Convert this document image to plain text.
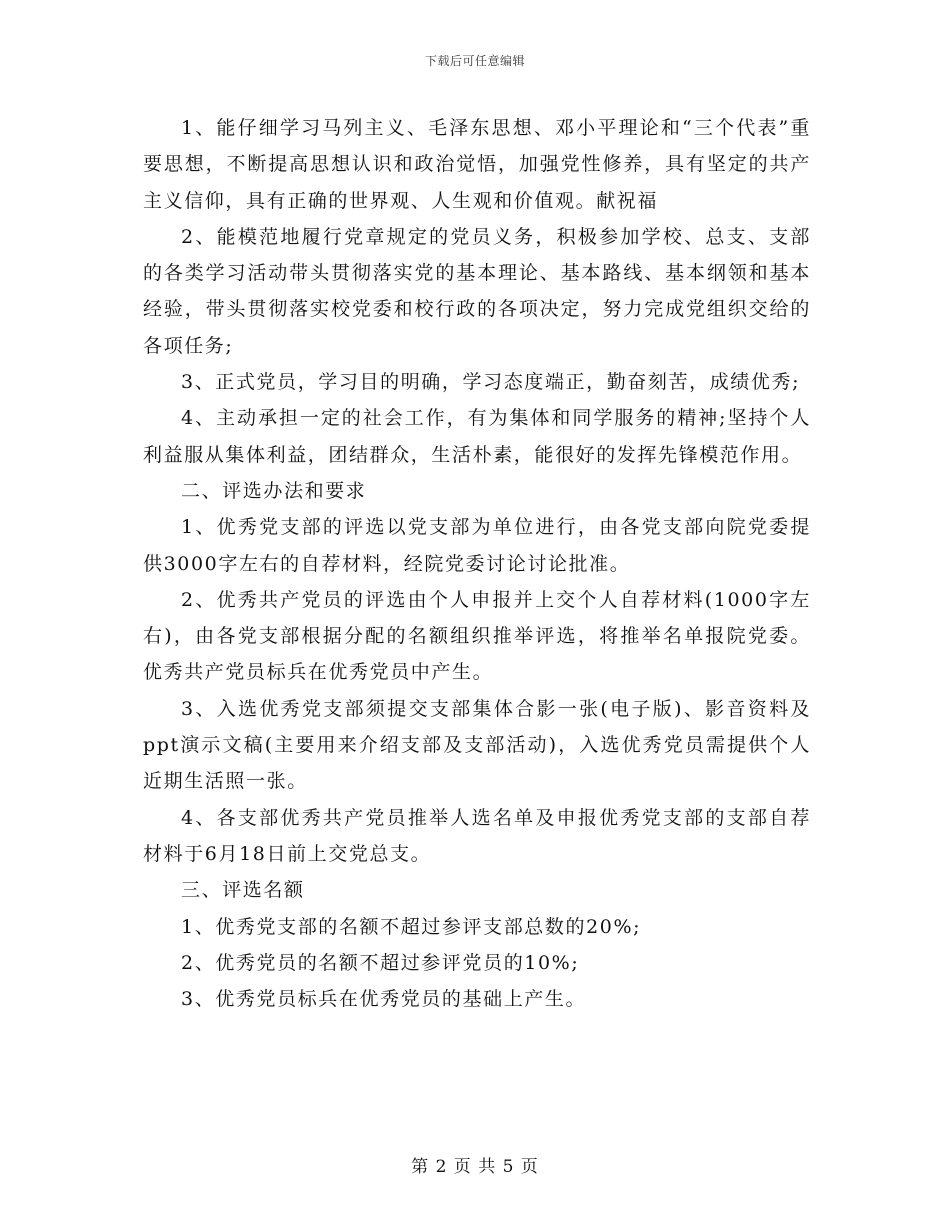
下载后可任意编辑

1、能仔细学习马列主义、毛泽东思想、邓小平理论和“三个代表”重要思想，不断提高思想认识和政治觉悟，加强党性修养，具有坚定的共产主义信仰，具有正确的世界观、人生观和价值观。献祝福

2、能模范地履行党章规定的党员义务，积极参加学校、总支、支部的各类学习活动带头贯彻落实党的基本理论、基本路线、基本纲领和基本经验，带头贯彻落实校党委和校行政的各项决定，努力完成党组织交给的各项任务;

3、正式党员，学习目的明确，学习态度端正，勤奋刻苦，成绩优秀;

4、主动承担一定的社会工作，有为集体和同学服务的精神;坚持个人利益服从集体利益，团结群众，生活朴素，能很好的发挥先锋模范作用。

二、评选办法和要求

1、优秀党支部的评选以党支部为单位进行，由各党支部向院党委提供3000字左右的自荐材料，经院党委讨论讨论批准。

2、优秀共产党员的评选由个人申报并上交个人自荐材料(1000字左右)，由各党支部根据分配的名额组织推举评选，将推举名单报院党委。优秀共产党员标兵在优秀党员中产生。

3、入选优秀党支部须提交支部集体合影一张(电子版)、影音资料及ppt演示文稿(主要用来介绍支部及支部活动)，入选优秀党员需提供个人近期生活照一张。

4、各支部优秀共产党员推举人选名单及申报优秀党支部的支部自荐材料于6月18日前上交党总支。

三、评选名额

1、优秀党支部的名额不超过参评支部总数的20%;

2、优秀党员的名额不超过参评党员的10%;

3、优秀党员标兵在优秀党员的基础上产生。

第 2 页 共 5 页
